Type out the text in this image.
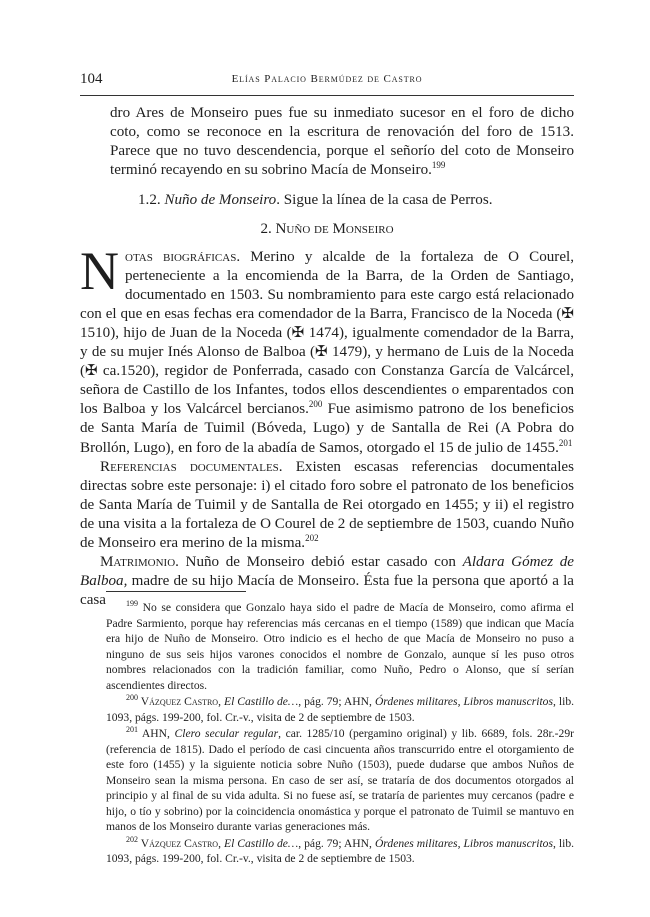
104	Elías Palacio Bermúdez de Castro

dro Ares de Monseiro pues fue su inmediato sucesor en el foro de dicho coto, como se reconoce en la escritura de renovación del foro de 1513. Parece que no tuvo descendencia, porque el señorío del coto de Monseiro terminó recayendo en su sobrino Macía de Monseiro.$^{199}$

1.2. Nuño de Monseiro. Sigue la línea de la casa de Perros.

2. Nuño de Monseiro

Notas biográficas. Merino y alcalde de la fortaleza de O Courel, perteneciente a la encomienda de la Barra, de la Orden de Santiago, documentado en 1503. Su nombramiento para este cargo está relacionado con el que en esas fechas era comendador de la Barra, Francisco de la Noceda (✠ 1510), hijo de Juan de la Noceda (✠ 1474), igualmente comendador de la Barra, y de su mujer Inés Alonso de Balboa (✠ 1479), y hermano de Luis de la Noceda (✠ ca.1520), regidor de Ponferrada, casado con Constanza García de Valcárcel, señora de Castillo de los Infantes, todos ellos descendientes o emparentados con los Balboa y los Valcárcel bercianos.$^{200}$ Fue asimismo patrono de los beneficios de Santa María de Tuimil (Bóveda, Lugo) y de Santalla de Rei (A Pobra do Brollón, Lugo), en foro de la abadía de Samos, otorgado el 15 de julio de 1455.$^{201}$

Referencias documentales. Existen escasas referencias documentales directas sobre este personaje: i) el citado foro sobre el patronato de los beneficios de Santa María de Tuimil y de Santalla de Rei otorgado en 1455; y ii) el registro de una visita a la fortaleza de O Courel de 2 de septiembre de 1503, cuando Nuño de Monseiro era merino de la misma.$^{202}$

Matrimonio. Nuño de Monseiro debió estar casado con Aldara Gómez de Balboa, madre de su hijo Macía de Monseiro. Ésta fue la persona que aportó a la casa	$^{199}$ No se considera que Gonzalo haya sido el padre de Macía de Monseiro, como afirma el Padre Sarmiento, porque hay referencias más cercanas en el tiempo (1589) que indican que Macía era hijo de Nuño de Monseiro. Otro indicio es el hecho de que Macía de Monseiro no puso a ninguno de sus seis hijos varones conocidos el nombre de Gonzalo, aunque sí les puso otros nombres relacionados con la tradición familiar, como Nuño, Pedro o Alonso, que sí serían ascendientes directos.

$^{200}$ Vázquez Castro, El Castillo de…, pág. 79; AHN, Órdenes militares, Libros manuscritos, lib. 1093, págs. 199-200, fol. Cr.-v., visita de 2 de septiembre de 1503.

$^{201}$ AHN, Clero secular regular, car. 1285/10 (pergamino original) y lib. 6689, fols. 28r.-29r (referencia de 1815). Dado el período de casi cincuenta años transcurrido entre el otorgamiento de este foro (1455) y la siguiente noticia sobre Nuño (1503), puede dudarse que ambos Nuños de Monseiro sean la misma persona. En caso de ser así, se trataría de dos documentos otorgados al principio y al final de su vida adulta. Si no fuese así, se trataría de parientes muy cercanos (padre e hijo, o tío y sobrino) por la coincidencia onomástica y porque el patronato de Tuimil se mantuvo en manos de los Monseiro durante varias generaciones más.

$^{202}$ Vázquez Castro, El Castillo de…, pág. 79; AHN, Órdenes militares, Libros manuscritos, lib. 1093, págs. 199-200, fol. Cr.-v., visita de 2 de septiembre de 1503.
